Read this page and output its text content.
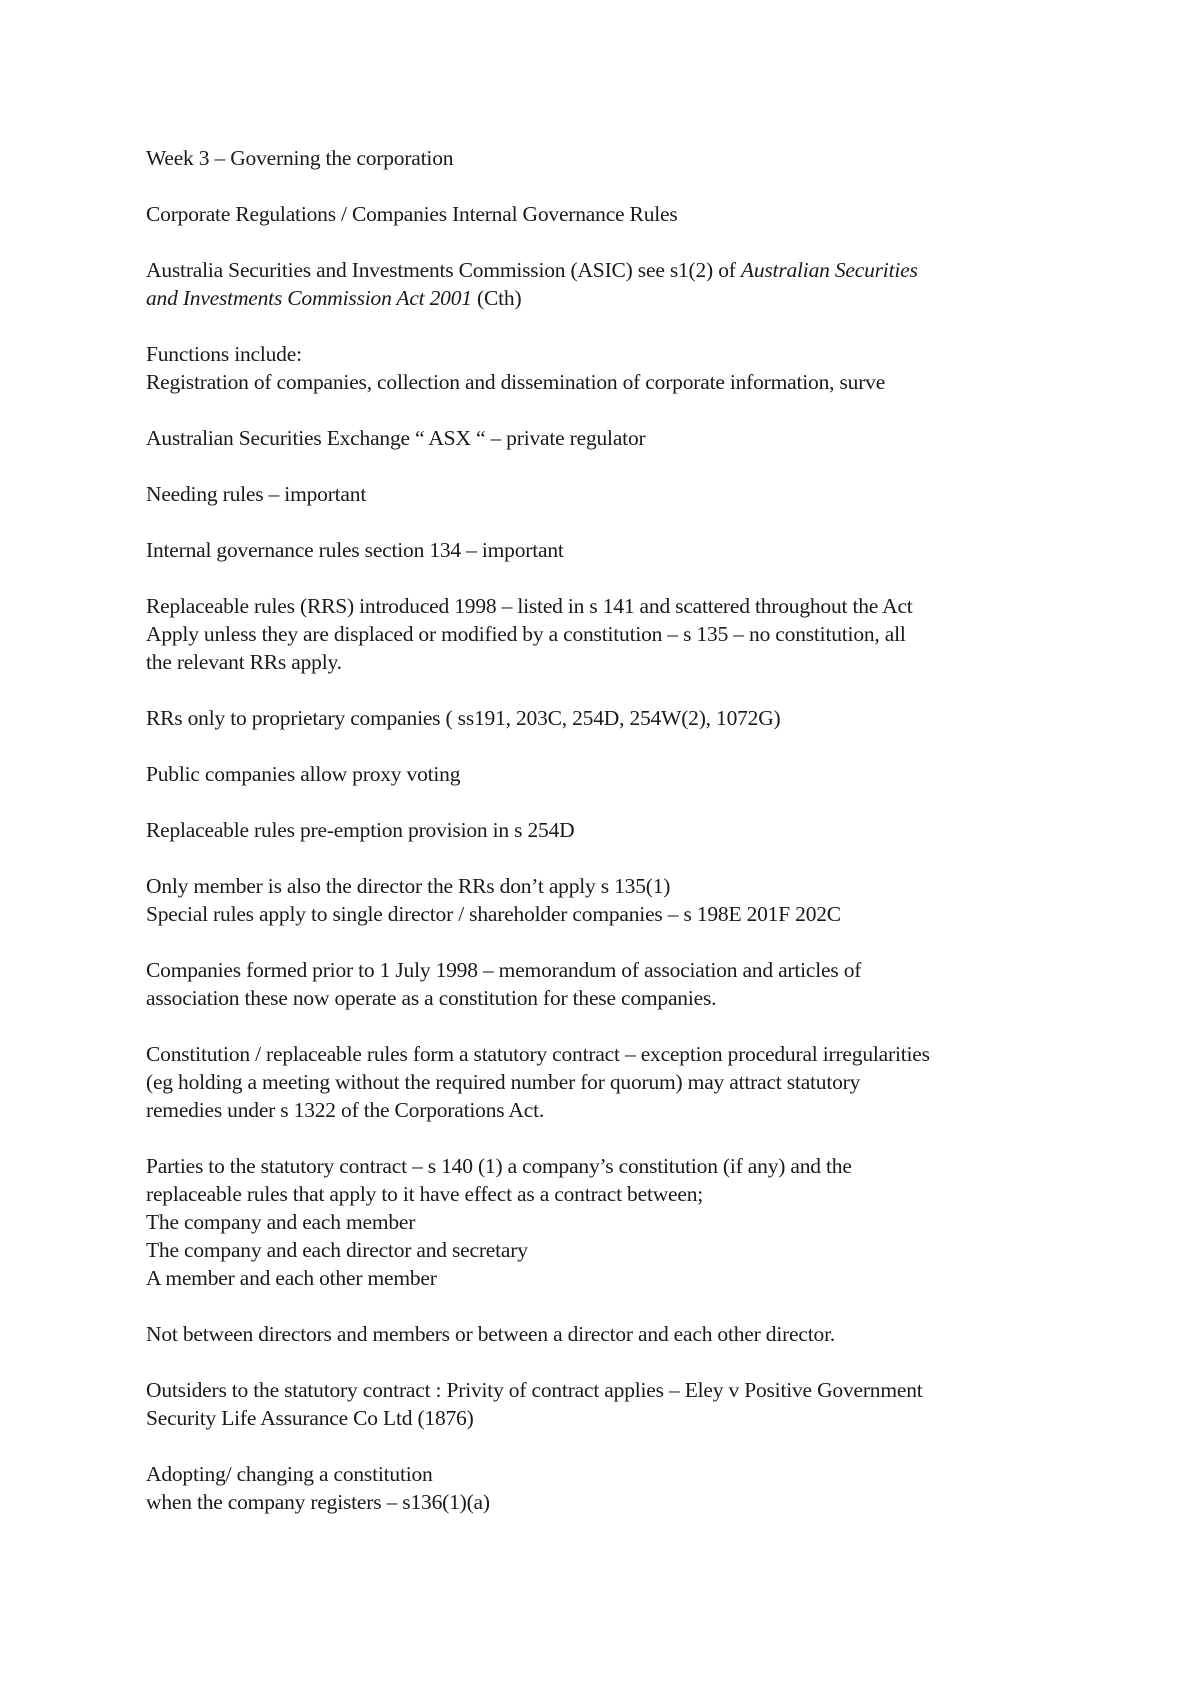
Week 3 – Governing the corporation

Corporate Regulations / Companies Internal Governance Rules

Australia Securities and Investments Commission (ASIC) see s1(2) of Australian Securities
and Investments Commission Act 2001 (Cth)

Functions include:
Registration of companies, collection and dissemination of corporate information, surve

Australian Securities Exchange “ ASX “ – private regulator

Needing rules – important

Internal governance rules section 134 – important

Replaceable rules (RRS) introduced 1998 – listed in s 141 and scattered throughout the Act
Apply unless they are displaced or modified by a constitution – s 135 – no constitution, all
the relevant RRs apply.

RRs only to proprietary companies ( ss191, 203C, 254D, 254W(2), 1072G)

Public companies allow proxy voting

Replaceable rules pre-emption provision in s 254D

Only member is also the director the RRs don’t apply s 135(1)
Special rules apply to single director / shareholder companies – s 198E 201F 202C

Companies formed prior to 1 July 1998 – memorandum of association and articles of
association these now operate as a constitution for these companies.

Constitution / replaceable rules form a statutory contract – exception procedural irregularities
(eg holding a meeting without the required number for quorum) may attract statutory
remedies under s 1322 of the Corporations Act.

Parties to the statutory contract – s 140 (1) a company’s constitution (if any) and the
replaceable rules that apply to it have effect as a contract between;
The company and each member
The company and each director and secretary
A member and each other member

Not between directors and members or between a director and each other director.

Outsiders to the statutory contract : Privity of contract applies – Eley v Positive Government
Security Life Assurance Co Ltd (1876)

Adopting/ changing a constitution
when the company registers – s136(1)(a)
